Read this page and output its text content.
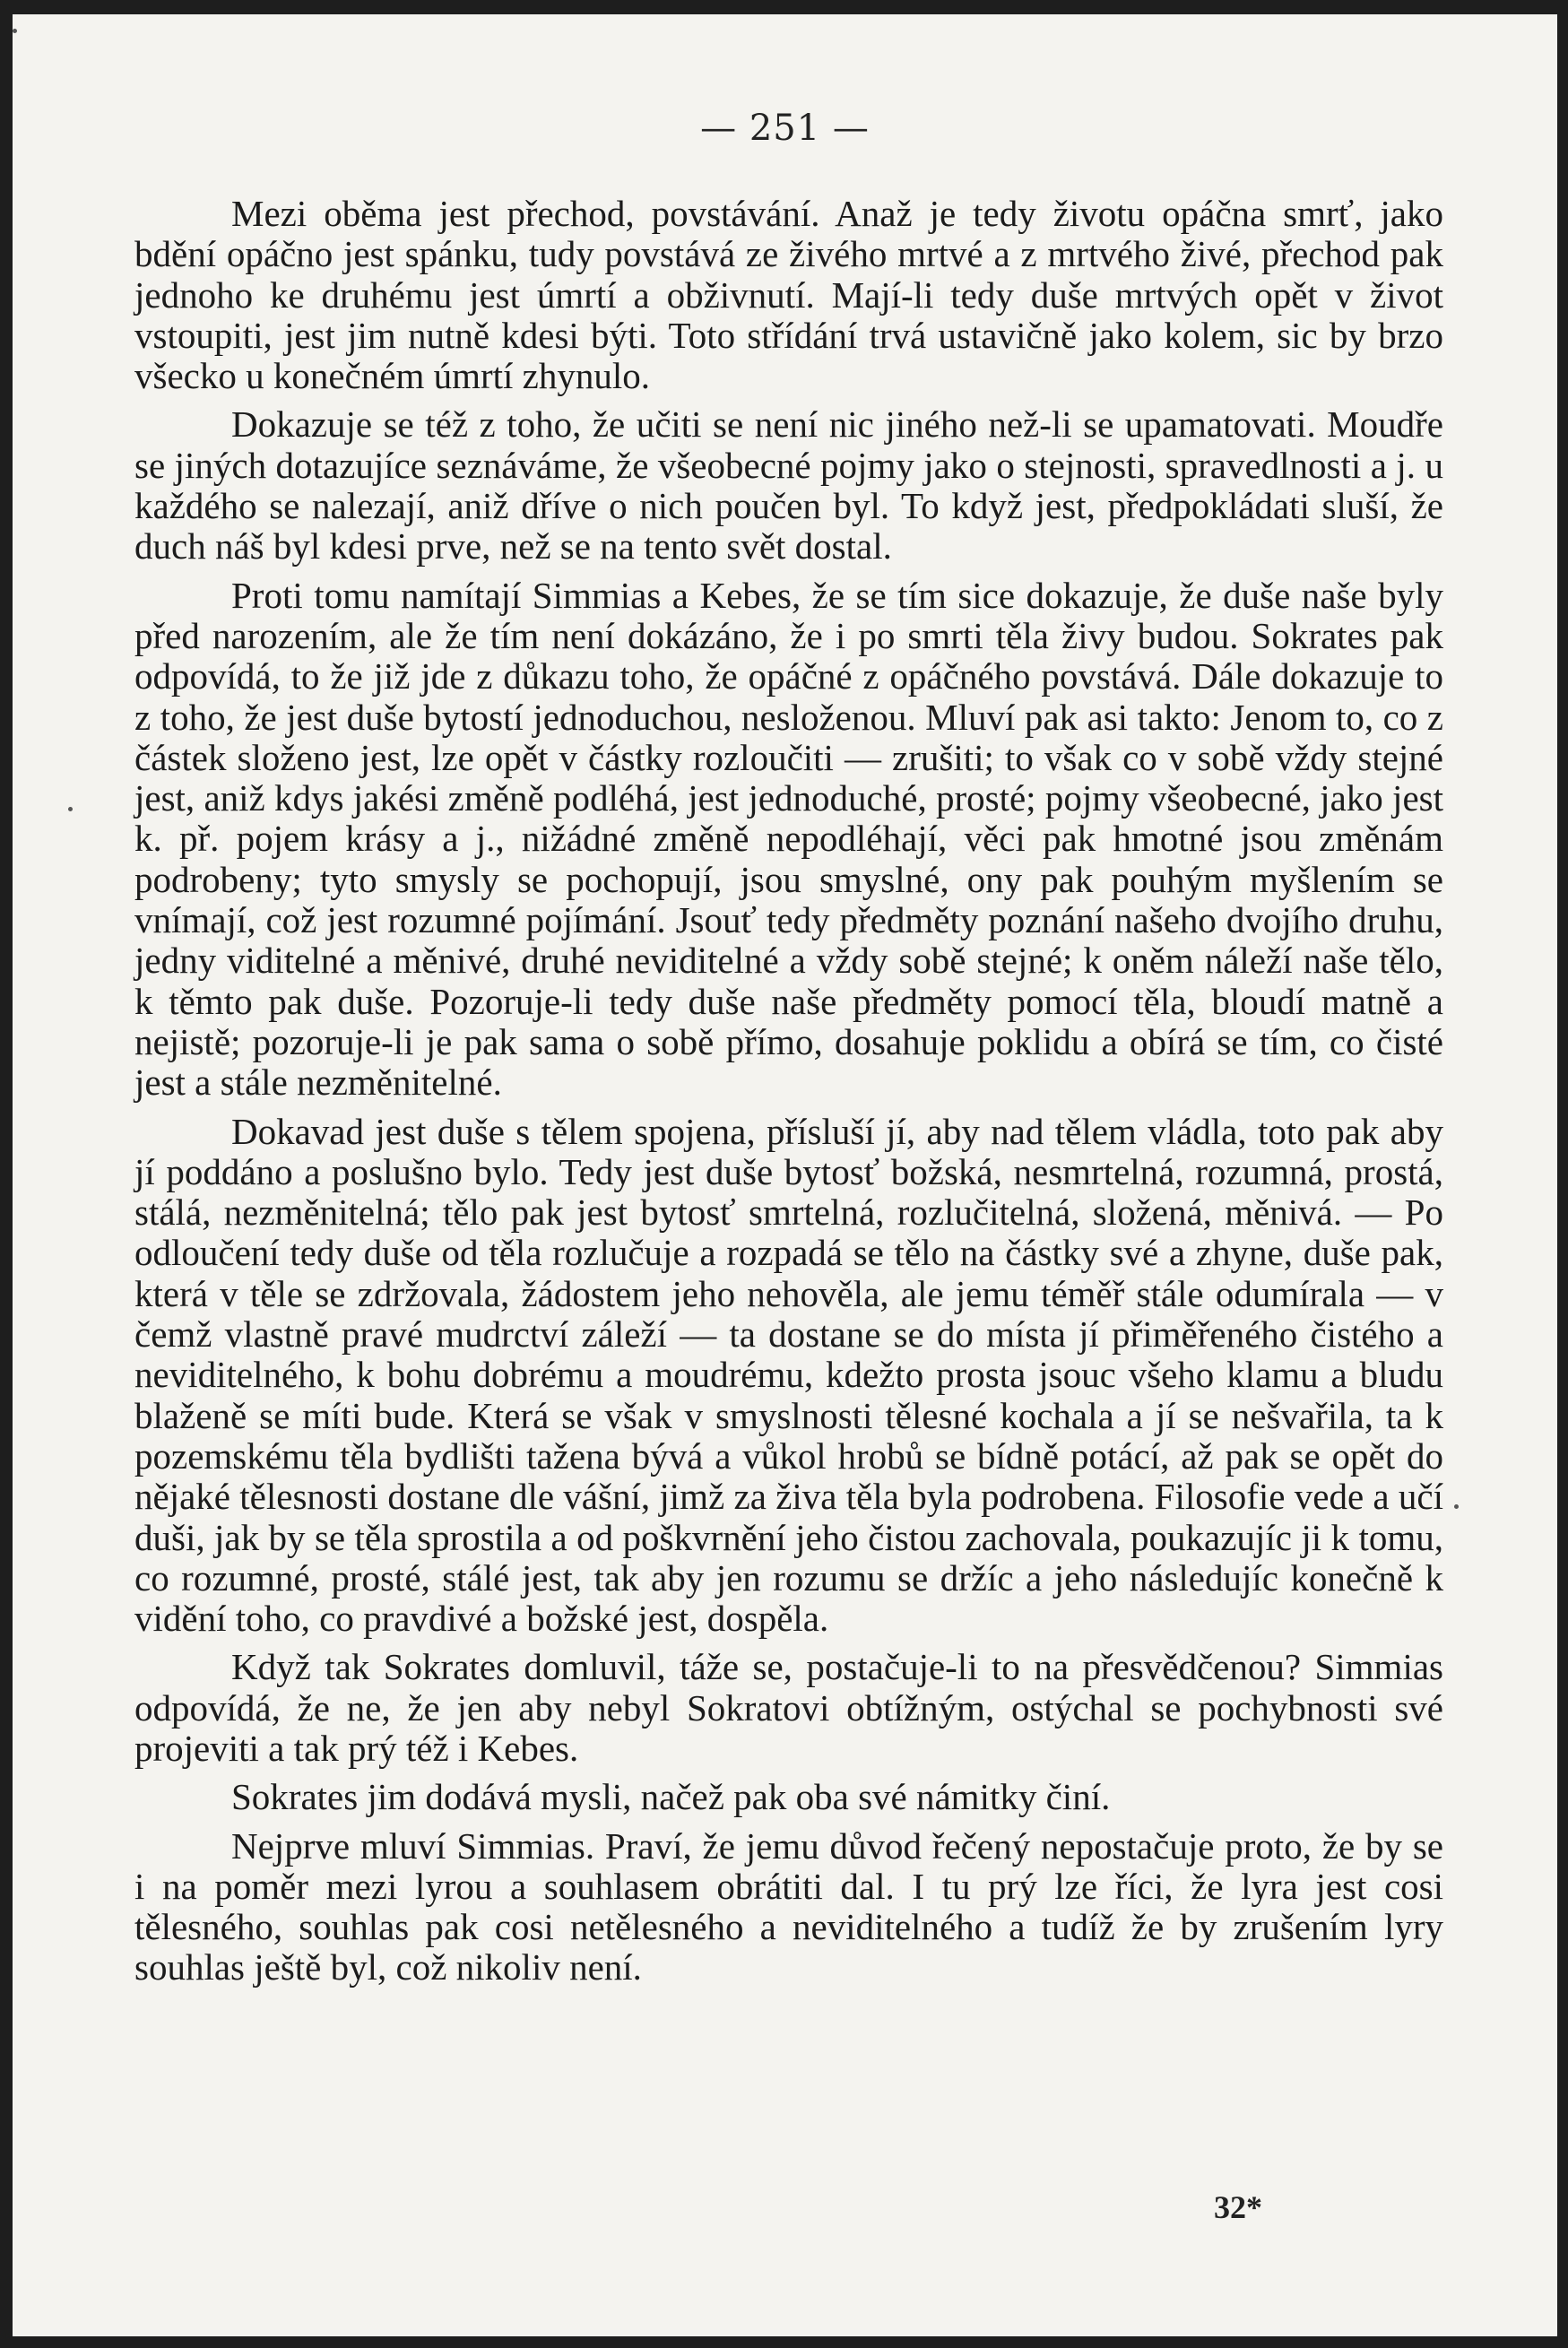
— 251 —

Mezi oběma jest přechod, povstávání. Anaž je tedy životu opáčna smrť, jako bdění opáčno jest spánku, tudy povstává ze živého mrtvé a z mrtvého živé, přechod pak jednoho ke druhému jest úmrtí a obživnutí. Mají-li tedy duše mrtvých opět v život vstoupiti, jest jim nutně kdesi býti. Toto střídání trvá ustavičně jako kolem, sic by brzo všecko u konečném úmrtí zhynulo.

Dokazuje se též z toho, že učiti se není nic jiného než-li se upamatovati. Moudře se jiných dotazujíce seznáváme, že všeobecné pojmy jako o stejnosti, spravedlnosti a j. u každého se nalezají, aniž dříve o nich poučen byl. To když jest, předpokládati sluší, že duch náš byl kdesi prve, než se na tento svět dostal.

Proti tomu namítají Simmias a Kebes, že se tím sice dokazuje, že duše naše byly před narozením, ale že tím není dokázáno, že i po smrti těla živy budou. Sokrates pak odpovídá, to že již jde z důkazu toho, že opáčné z opáčného povstává. Dále dokazuje to z toho, že jest duše bytostí jednoduchou, nesloženou. Mluví pak asi takto: Jenom to, co z částek složeno jest, lze opět v částky rozloučiti — zrušiti; to však co v sobě vždy stejné jest, aniž kdys jakési změně podléhá, jest jednoduché, prosté; pojmy všeobecné, jako jest k. př. pojem krásy a j., nižádné změně nepodléhají, věci pak hmotné jsou změnám podrobeny; tyto smysly se pochopují, jsou smyslné, ony pak pouhým myšlením se vnímají, což jest rozumné pojímání. Jsouť tedy předměty poznání našeho dvojího druhu, jedny viditelné a měnivé, druhé neviditelné a vždy sobě stejné; k oněm náleží naše tělo, k těmto pak duše. Pozoruje-li tedy duše naše předměty pomocí těla, bloudí matně a nejistě; pozoruje-li je pak sama o sobě přímo, dosahuje poklidu a obírá se tím, co čisté jest a stále nezměnitelné.

Dokavad jest duše s tělem spojena, přísluší jí, aby nad tělem vládla, toto pak aby jí poddáno a poslušno bylo. Tedy jest duše bytosť božská, nesmrtelná, rozumná, prostá, stálá, nezměnitelná; tělo pak jest bytosť smrtelná, rozlučitelná, složená, měnivá. — Po odloučení tedy duše od těla rozlučuje a rozpadá se tělo na částky své a zhyne, duše pak, která v těle se zdržovala, žádostem jeho nehověla, ale jemu téměř stále odumírala — v čemž vlastně pravé mudrctví záleží — ta dostane se do místa jí přiměřeného čistého a neviditelného, k bohu dobrému a moudrému, kdežto prosta jsouc všeho klamu a bludu blaženě se míti bude. Která se však v smyslnosti tělesné kochala a jí se nešvařila, ta k pozemskému těla bydlišti tažena bývá a vůkol hrobů se bídně potácí, až pak se opět do nějaké tělesnosti dostane dle vášní, jimž za živa těla byla podrobena. Filosofie vede a učí duši, jak by se těla sprostila a od poškvrnění jeho čistou zachovala, poukazujíc ji k tomu, co rozumné, prosté, stálé jest, tak aby jen rozumu se držíc a jeho následujíc konečně k vidění toho, co pravdivé a božské jest, dospěla.

Když tak Sokrates domluvil, táže se, postačuje-li to na přesvědčenou? Simmias odpovídá, že ne, že jen aby nebyl Sokratovi obtížným, ostýchal se pochybnosti své projeviti a tak prý též i Kebes.

Sokrates jim dodává mysli, načež pak oba své námitky činí.

Nejprve mluví Simmias. Praví, že jemu důvod řečený nepostačuje proto, že by se i na poměr mezi lyrou a souhlasem obrátiti dal. I tu prý lze říci, že lyra jest cosi tělesného, souhlas pak cosi netělesného a neviditelného a tudíž že by zrušením lyry souhlas ještě byl, což nikoliv není.

32*
